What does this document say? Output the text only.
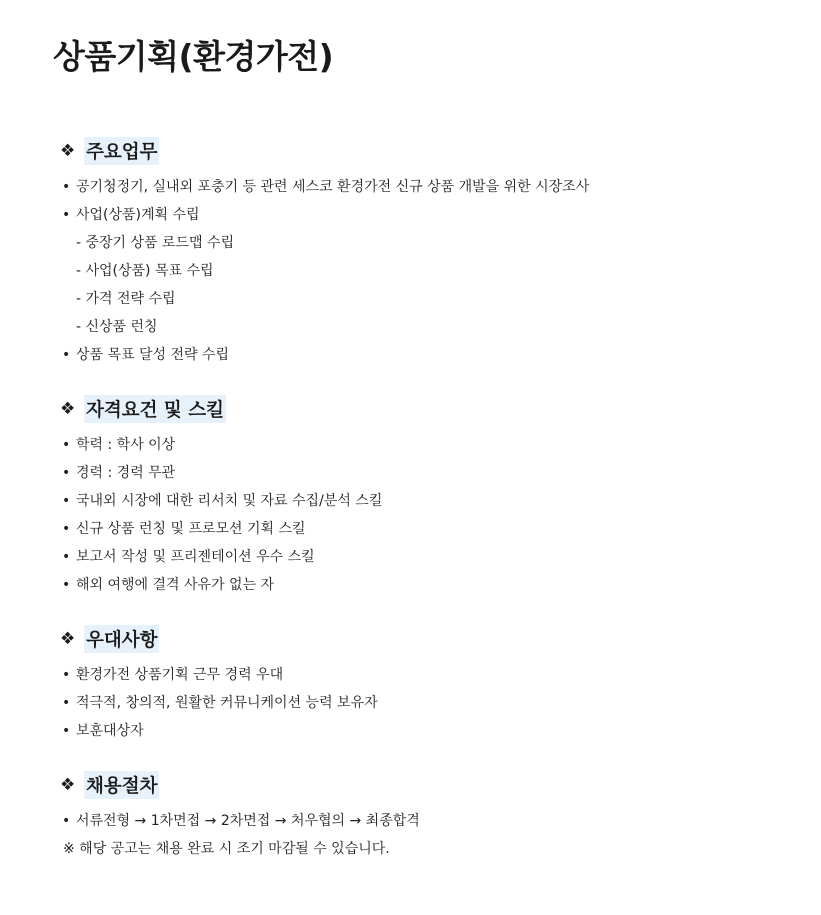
상품기획(환경가전)
❖ 주요업무
• 공기청정기, 실내외 포충기 등 관련 세스코 환경가전 신규 상품 개발을 위한 시장조사
• 사업(상품)계획 수립
- 중장기 상품 로드맵 수립
- 사업(상품) 목표 수립
- 가격 전략 수립
- 신상품 런칭
• 상품 목표 달성 전략 수립
❖ 자격요건 및 스킬
• 학력 : 학사 이상
• 경력 : 경력 무관
• 국내외 시장에 대한 리서치 및 자료 수집/분석 스킬
• 신규 상품 런칭 및 프로모션 기획 스킬
• 보고서 작성 및 프리젠테이션 우수 스킬
• 해외 여행에 결격 사유가 없는 자
❖ 우대사항
• 환경가전 상품기획 근무 경력 우대
• 적극적, 창의적, 원활한 커뮤니케이션 능력 보유자
• 보훈대상자
❖ 채용절차
• 서류전형 → 1차면접 → 2차면접 → 처우협의 → 최종합격
※ 해당 공고는 채용 완료 시 조기 마감될 수 있습니다.
